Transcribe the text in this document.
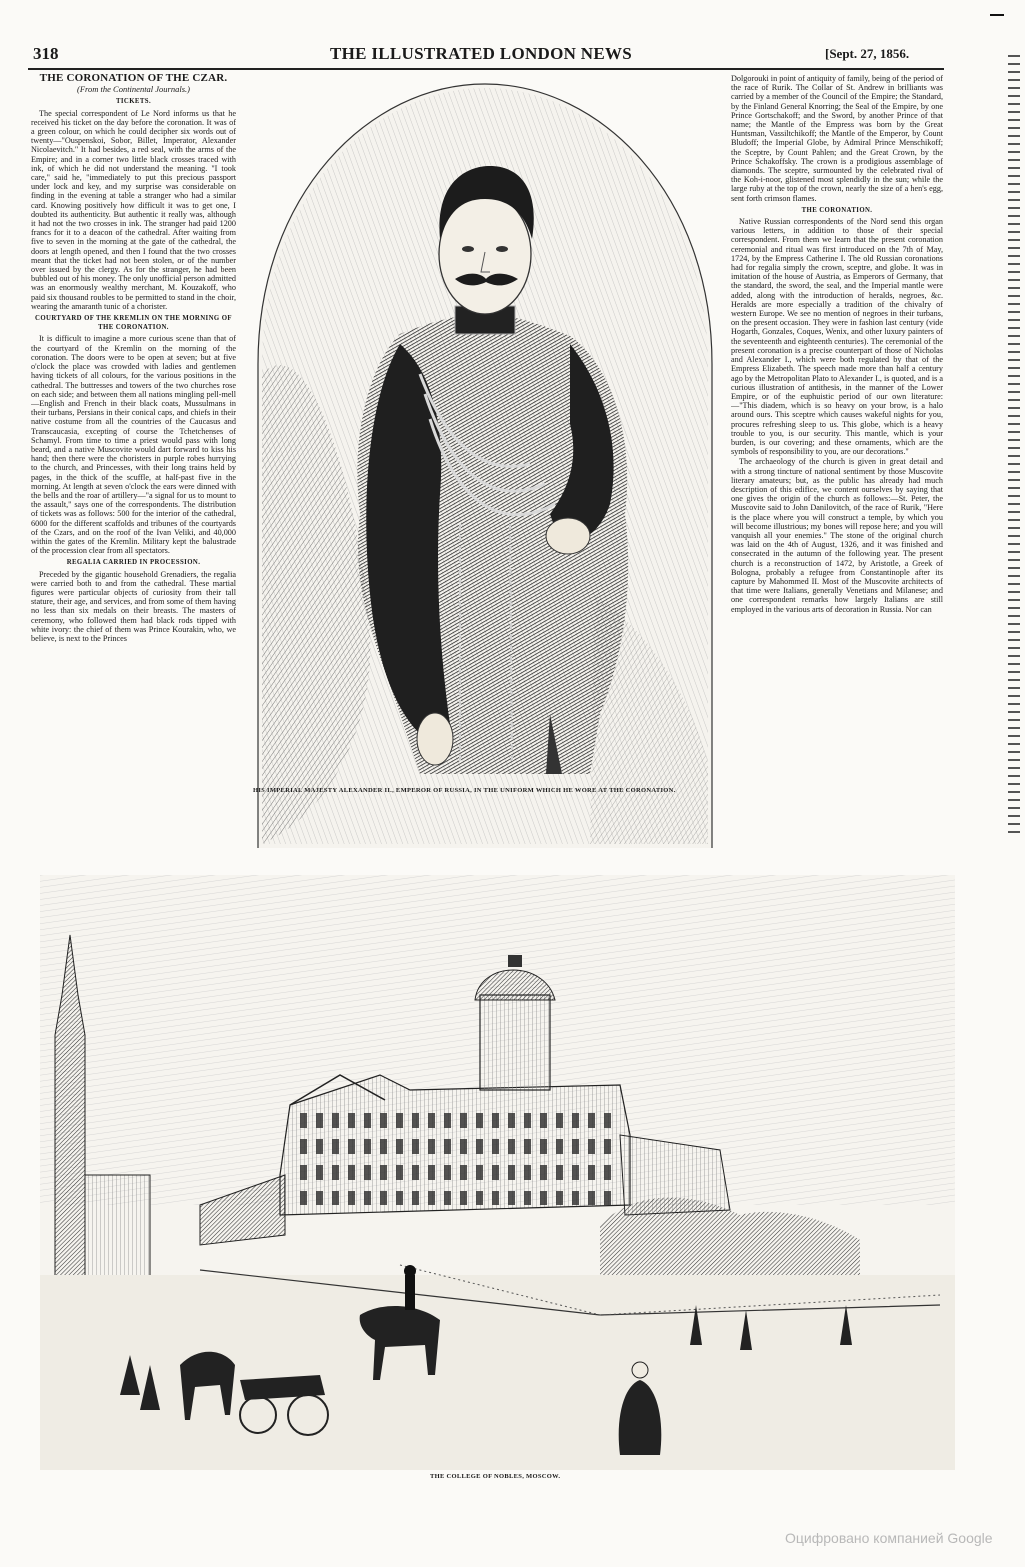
318	THE ILLUSTRATED LONDON NEWS	[Sept. 27, 1856.
THE CORONATION OF THE CZAR.
(From the Continental Journals.)
TICKETS.

The special correspondent of Le Nord informs us that he received his ticket on the day before the coronation. It was of a green colour, on which he could decipher six words out of twenty—"Ouspenskoi, Sobor, Billet, Imperator, Alexander Nicolaevitch." It had besides, a red seal, with the arms of the Empire; and in a corner two little black crosses traced with ink, of which he did not understand the meaning. "I took care," said he, "immediately to put this precious passport under lock and key, and my surprise was considerable on finding in the evening at table a stranger who had a similar card. Knowing positively how difficult it was to get one, I doubted its authenticity. But authentic it really was, although it had not the two crosses in ink. The stranger had paid 1200 francs for it to a deacon of the cathedral. After waiting from five to seven in the morning at the gate of the cathedral, the doors at length opened, and then I found that the two crosses meant that the ticket had not been stolen, or of the number over issued by the clergy. As for the stranger, he had been bubbled out of his money. The only unofficial person admitted was an enormously wealthy merchant, M. Kouzakoff, who paid six thousand roubles to be permitted to stand in the choir, wearing the amaranth tunic of a chorister.

COURTYARD OF THE KREMLIN ON THE MORNING OF THE CORONATION.

It is difficult to imagine a more curious scene than that of the courtyard of the Kremlin on the morning of the coronation. The doors were to be open at seven; but at five o'clock the place was crowded with ladies and gentlemen having tickets of all colours, for the various positions in the cathedral. The buttresses and towers of the two churches rose on each side; and between them all nations mingling pell-mell—English and French in their black coats, Mussulmans in their turbans, Persians in their conical caps, and chiefs in their native costume from all the countries of the Caucasus and Transcaucasia, excepting of course the Tchetchenses of Schamyl. From time to time a priest would pass with long beard, and a native Muscovite would dart forward to kiss his hand; then there were the choristers in purple robes hurrying to the church, and Princesses, with their long trains held by pages, in the thick of the scuffle, at half-past five in the morning. At length at seven o'clock the ears were dinned with the bells and the roar of artillery—"a signal for us to mount to the assault," says one of the correspondents. The distribution of tickets was as follows: 500 for the interior of the cathedral, 6000 for the different scaffolds and tribunes of the courtyards of the Czars, and on the roof of the Ivan Veliki, and 40,000 within the gates of the Kremlin. Military kept the balustrade of the procession clear from all spectators.

REGALIA CARRIED IN PROCESSION.

Preceded by the gigantic household Grenadiers, the regalia were carried both to and from the cathedral. These martial figures were particular objects of curiosity from their tall stature, their age, and services, and from some of them having no less than six medals on their breasts. The masters of ceremony, who followed them had black rods tipped with white ivory: the chief of them was Prince Kourakin, who, we believe, is next to the Princes

HIS IMPERIAL MAJESTY ALEXANDER II., EMPEROR OF RUSSIA, IN THE UNIFORM WHICH HE WORE AT THE CORONATION.

Dolgorouki in point of antiquity of family, being of the period of the race of Rurik. The Collar of St. Andrew in brilliants was carried by a member of the Council of the Empire; the Standard, by the Finland General Knorring; the Seal of the Empire, by one Prince Gortschakoff; and the Sword, by another Prince of that name; the Mantle of the Empress was born by the Great Huntsman, Vassiltchikoff; the Mantle of the Emperor, by Count Bludoff; the Imperial Globe, by Admiral Prince Menschikoff; the Sceptre, by Count Pahlen; and the Great Crown, by the Prince Schakoffsky. The crown is a prodigious assemblage of diamonds. The sceptre, surmounted by the celebrated rival of the Koh-i-noor, glistened most splendidly in the sun; while the large ruby at the top of the crown, nearly the size of a hen's egg, sent forth crimson flames.

THE CORONATION.

Native Russian correspondents of the Nord send this organ various letters, in addition to those of their special correspondent. From them we learn that the present coronation ceremonial and ritual was first introduced on the 7th of May, 1724, by the Empress Catherine I. The old Russian coronations had for regalia simply the crown, sceptre, and globe. It was in imitation of the house of Austria, as Emperors of Germany, that the standard, the sword, the seal, and the Imperial mantle were added, along with the introduction of heralds, negroes, &c. Heralds are more especially a tradition of the chivalry of western Europe. We see no mention of negroes in their turbans, on the present occasion. They were in fashion last century (vide Hogarth, Gonzales, Coques, Wenix, and other luxury painters of the seventeenth and eighteenth centuries). The ceremonial of the present coronation is a precise counterpart of those of Nicholas and Alexander I., which were both regulated by that of the Empress Elizabeth. The speech made more than half a century ago by the Metropolitan Plato to Alexander I., is quoted, and is a curious illustration of antithesis, in the manner of the Lower Empire, or of the euphuistic period of our own literature:—"This diadem, which is so heavy on your brow, is a halo around ours. This sceptre which causes wakeful nights for you, procures refreshing sleep to us. This globe, which is a heavy trouble to you, is our security. This mantle, which is your burden, is our covering; and these ornaments, which are the symbols of responsibility to you, are our decorations."

The archaeology of the church is given in great detail and with a strong tincture of national sentiment by those Muscovite literary amateurs; but, as the public has already had much description of this edifice, we content ourselves by saying that one gives the origin of the church as follows:—St. Peter, the Muscovite said to John Danilovitch, of the race of Rurik, "Here is the place where you will construct a temple, by which you will become illustrious; my bones will repose here; and you will vanquish all your enemies." The stone of the original church was laid on the 4th of August, 1326, and it was finished and consecrated in the autumn of the following year. The present church is a reconstruction of 1472, by Aristotle, a Greek of Bologna, probably a refugee from Constantinople after its capture by Mahommed II. Most of the Muscovite architects of that time were Italians, generally Venetians and Milanese; and one correspondent remarks how largely Italians are still employed in the various arts of decoration in Russia. Nor can

THE COLLEGE OF NOBLES, MOSCOW.
Оцифровано компанией Google
